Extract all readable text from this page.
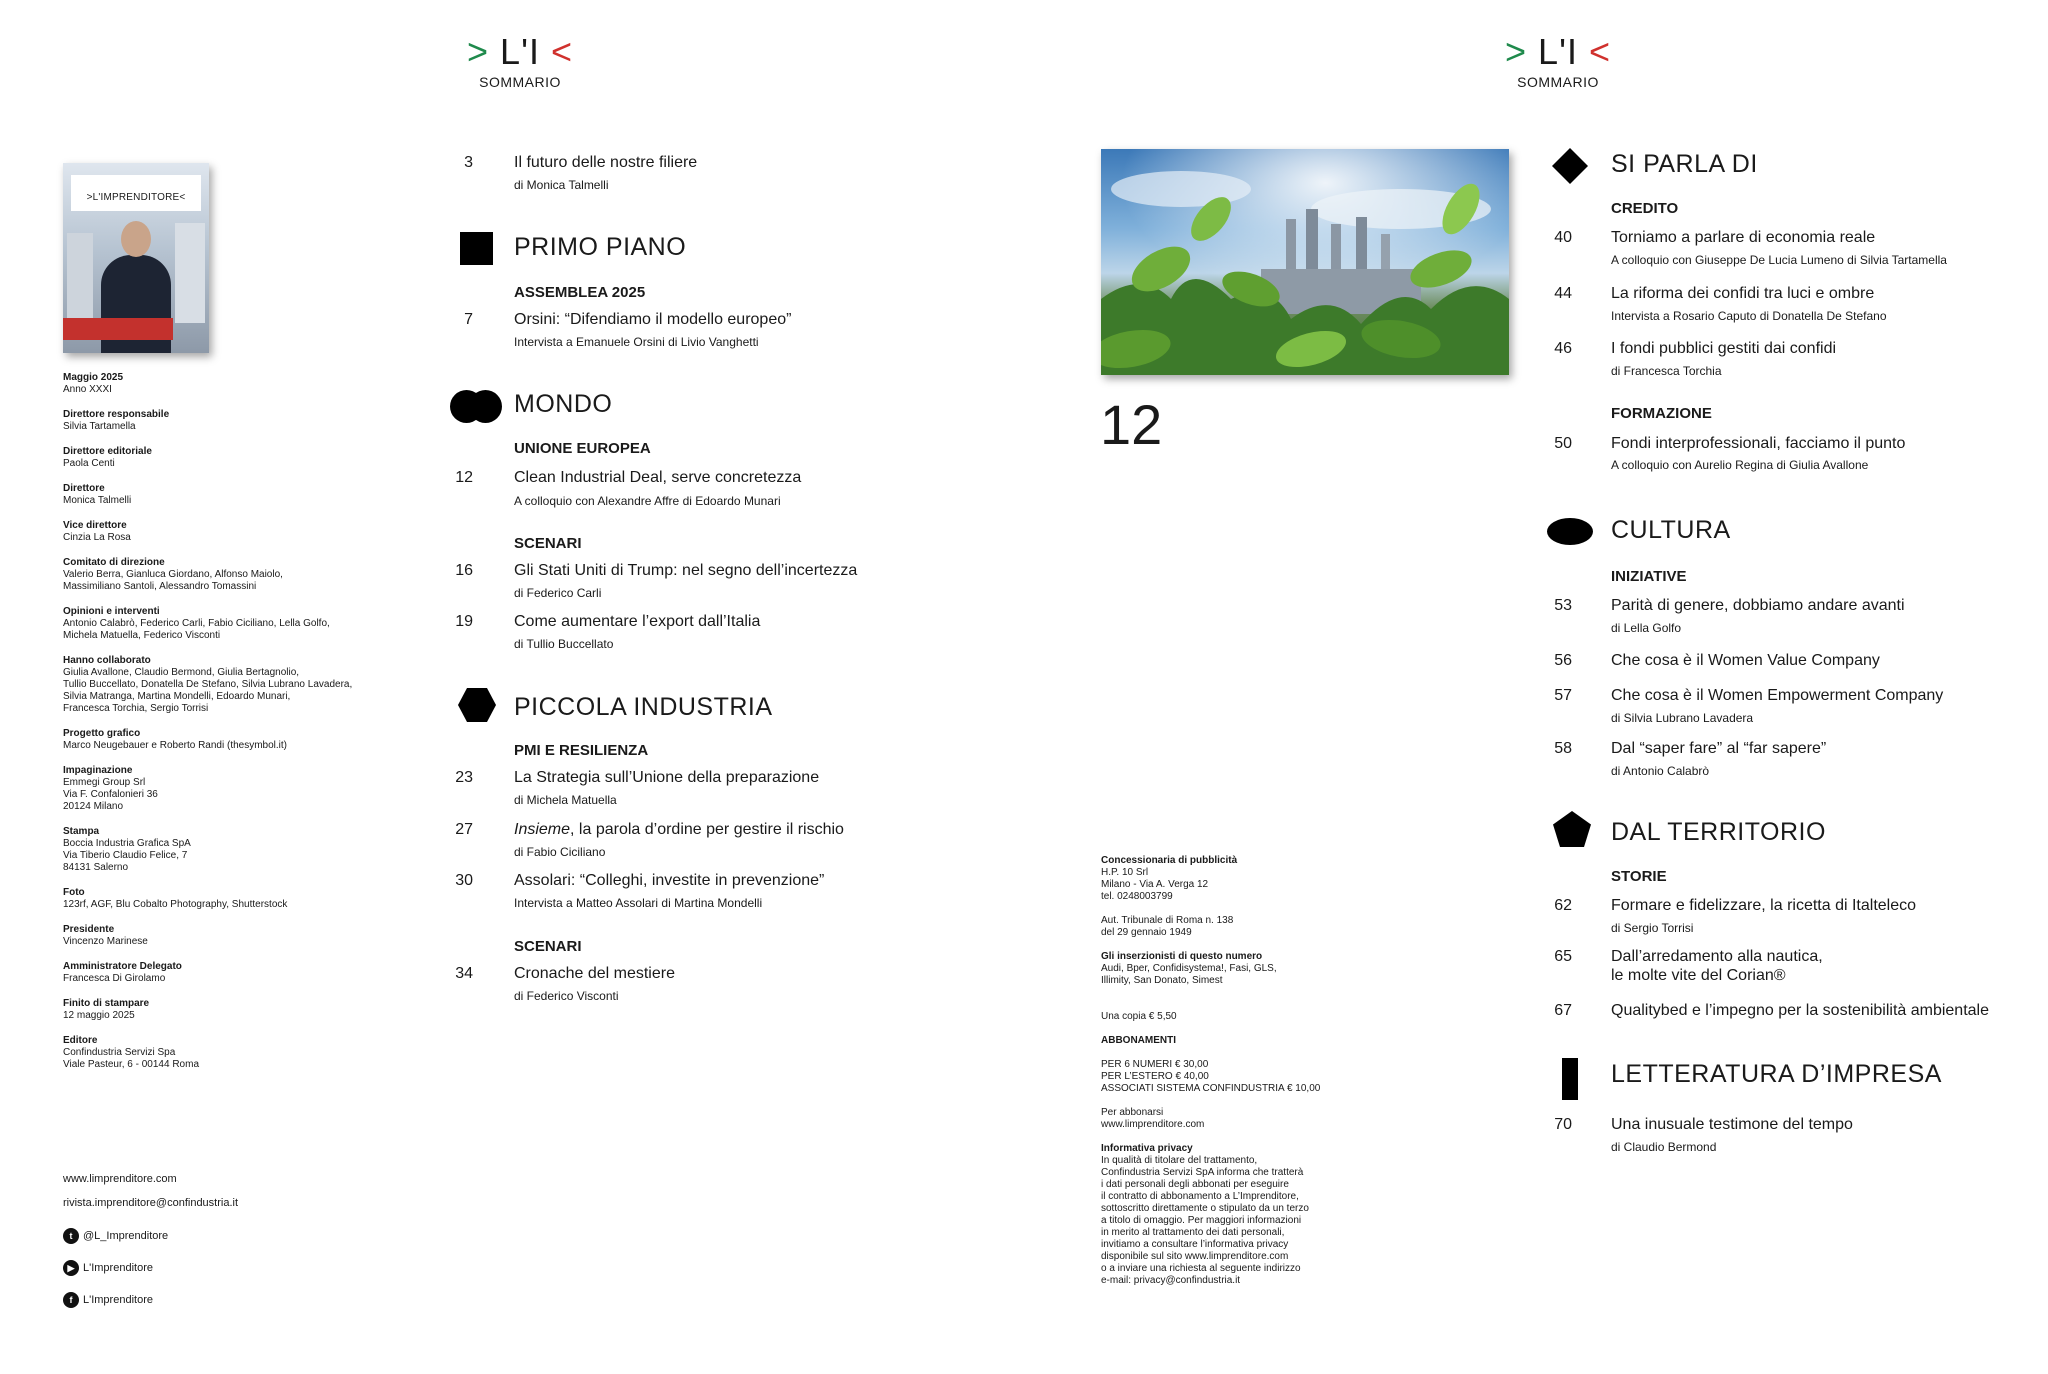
> L'I <
SOMMARIO
> L'I <
SOMMARIO
>L'IMPRENDITORE<
Maggio 2025
Anno XXXI
Direttore responsabile
Silvia Tartamella
Direttore editoriale
Paola Centi
Direttore
Monica Talmelli
Vice direttore
Cinzia La Rosa
Comitato di direzione
Valerio Berra, Gianluca Giordano, Alfonso Maiolo,
Massimiliano Santoli, Alessandro Tomassini
Opinioni e interventi
Antonio Calabrò, Federico Carli, Fabio Ciciliano, Lella Golfo,
Michela Matuella, Federico Visconti
Hanno collaborato
Giulia Avallone, Claudio Bermond, Giulia Bertagnolio,
Tullio Buccellato, Donatella De Stefano, Silvia Lubrano Lavadera,
Silvia Matranga, Martina Mondelli, Edoardo Munari,
Francesca Torchia, Sergio Torrisi
Progetto grafico
Marco Neugebauer e Roberto Randi (thesymbol.it)
Impaginazione
Emmegi Group Srl
Via F. Confalonieri 36
20124 Milano
Stampa
Boccia Industria Grafica SpA
Via Tiberio Claudio Felice, 7
84131 Salerno
Foto
123rf, AGF, Blu Cobalto Photography, Shutterstock
Presidente
Vincenzo Marinese
Amministratore Delegato
Francesca Di Girolamo
Finito di stampare
12 maggio 2025
Editore
Confindustria Servizi Spa
Viale Pasteur, 6 - 00144 Roma
www.limprenditore.com
rivista.imprenditore@confindustria.it
t @L_Imprenditore
▶ L'Imprenditore
f L'Imprenditore
3	Il futuro delle nostre filiere
di Monica Talmelli
PRIMO PIANO
ASSEMBLEA 2025
7	Orsini: “Difendiamo il modello europeo”
Intervista a Emanuele Orsini di Livio Vanghetti
MONDO
UNIONE EUROPEA
12	Clean Industrial Deal, serve concretezza
A colloquio con Alexandre Affre di Edoardo Munari
SCENARI
16	Gli Stati Uniti di Trump: nel segno dell’incertezza
di Federico Carli
19	Come aumentare l’export dall’Italia
di Tullio Buccellato
PICCOLA INDUSTRIA
PMI E RESILIENZA
23	La Strategia sull’Unione della preparazione
di Michela Matuella
27	Insieme, la parola d’ordine per gestire il rischio
di Fabio Ciciliano
30	Assolari: “Colleghi, investite in prevenzione”
Intervista a Matteo Assolari di Martina Mondelli
SCENARI
34	Cronache del mestiere
di Federico Visconti
12
Concessionaria di pubblicità
H.P. 10 Srl
Milano - Via A. Verga 12
tel. 0248003799
Aut. Tribunale di Roma n. 138
del 29 gennaio 1949
Gli inserzionisti di questo numero
Audi, Bper, Confidisystema!, Fasi, GLS,
Illimity, San Donato, Simest

Una copia € 5,50

ABBONAMENTI

PER 6 NUMERI € 30,00
PER L’ESTERO € 40,00
ASSOCIATI SISTEMA CONFINDUSTRIA € 10,00
Per abbonarsi
www.limprenditore.com
Informativa privacy
In qualità di titolare del trattamento,
Confindustria Servizi SpA informa che tratterà
i dati personali degli abbonati per eseguire
il contratto di abbonamento a L’Imprenditore,
sottoscritto direttamente o stipulato da un terzo
a titolo di omaggio. Per maggiori informazioni
in merito al trattamento dei dati personali,
invitiamo a consultare l’informativa privacy
disponibile sul sito www.limprenditore.com
o a inviare una richiesta al seguente indirizzo
e-mail: privacy@confindustria.it
SI PARLA DI
CREDITO
40 Torniamo a parlare di economia reale
A colloquio con Giuseppe De Lucia Lumeno di Silvia Tartamella
44 La riforma dei confidi tra luci e ombre
Intervista a Rosario Caputo di Donatella De Stefano
46 I fondi pubblici gestiti dai confidi
di Francesca Torchia
FORMAZIONE
50 Fondi interprofessionali, facciamo il punto
A colloquio con Aurelio Regina di Giulia Avallone
CULTURA
INIZIATIVE
53 Parità di genere, dobbiamo andare avanti
di Lella Golfo
56 Che cosa è il Women Value Company
57 Che cosa è il Women Empowerment Company
di Silvia Lubrano Lavadera
58 Dal “saper fare” al “far sapere”
di Antonio Calabrò
DAL TERRITORIO
STORIE
62 Formare e fidelizzare, la ricetta di Italteleco
di Sergio Torrisi
65 Dall’arredamento alla nautica,
le molte vite del Corian®
67 Qualitybed e l’impegno per la sostenibilità ambientale
LETTERATURA D’IMPRESA
70 Una inusuale testimone del tempo
di Claudio Bermond
